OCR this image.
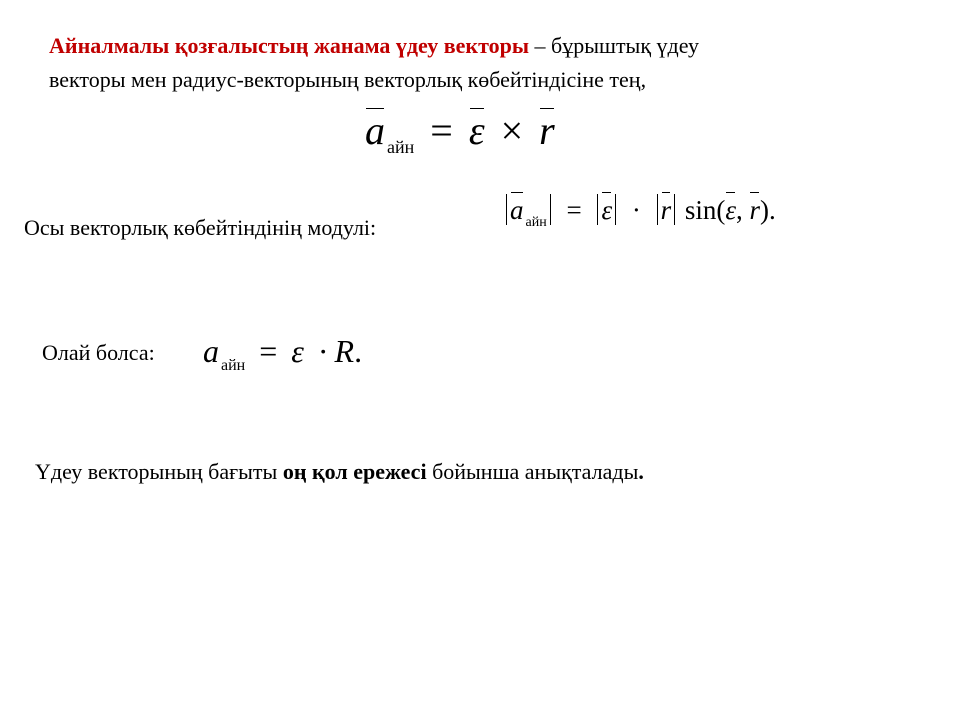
Айналмалы қозғалыстың жанама үдеу векторы – бұрыштық үдеу
векторы мен радиус-векторының векторлық көбейтіндісіне тең,
a $_{айн}$ = ε × r
Осы векторлық көбейтіндінің модулі:
a $_{айн}$ = ε · r sin(ε, r).
Олай болса: a $_{айн}$ = ε · R.
Үдеу векторының бағыты оң қол ережесі бойынша анықталады.
